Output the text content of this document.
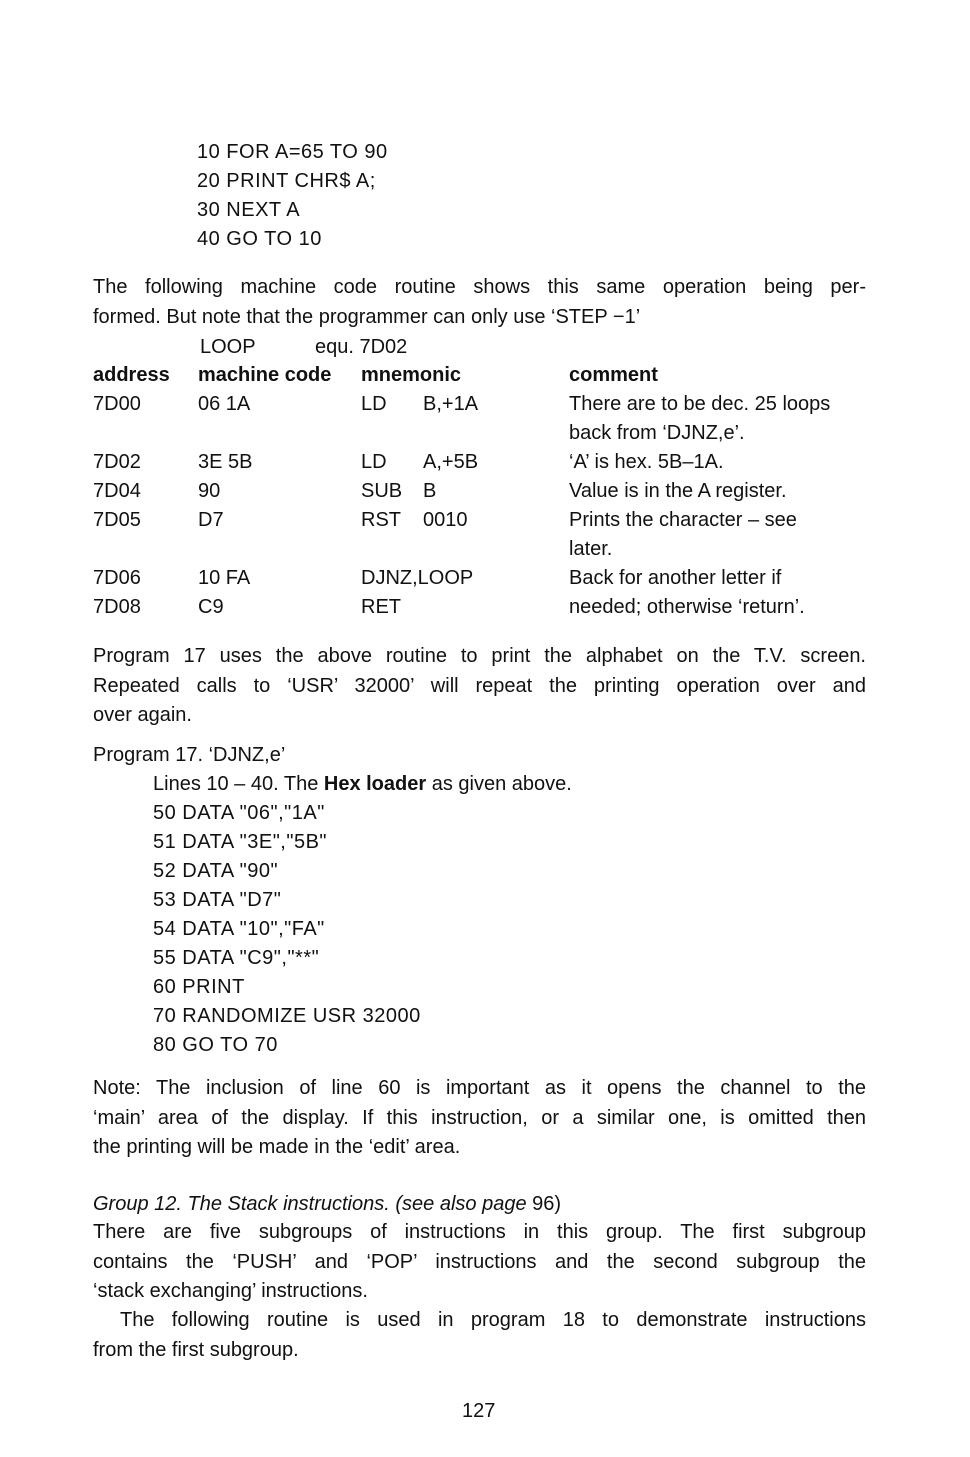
10 FOR A=65 TO 90
20 PRINT CHR$ A;
30 NEXT A
40 GO TO 10
The following machine code routine shows this same operation being per-
formed. But note that the programmer can only use ‘STEP −1’
LOOP	equ. 7D02
address machine code mnemonic	comment
7D00	06 1A	LD B,+1A	There are to be dec. 25 loops
back from ‘DJNZ,e’.
7D02	3E 5B	LD A,+5B	‘A’ is hex. 5B–1A.
7D04	90	SUB B	Value is in the A register.
7D05	D7	RST 0010	Prints the character – see
later.
7D06	10 FA	DJNZ,LOOP	Back for another letter if
7D08	C9	RET	needed; otherwise ‘return’.
Program 17 uses the above routine to print the alphabet on the T.V. screen.
Repeated calls to ‘USR’ 32000’ will repeat the printing operation over and
over again.
Program 17. ‘DJNZ,e’
Lines 10 – 40. The Hex loader as given above.
50 DATA "06","1A"
51 DATA "3E","5B"
52 DATA "90"
53 DATA "D7"
54 DATA "10","FA"
55 DATA "C9","**"
60 PRINT
70 RANDOMIZE USR 32000
80 GO TO 70
Note: The inclusion of line 60 is important as it opens the channel to the
‘main’ area of the display. If this instruction, or a similar one, is omitted then
the printing will be made in the ‘edit’ area.
Group 12. The Stack instructions. (see also page 96)
There are five subgroups of instructions in this group. The first subgroup
contains the ‘PUSH’ and ‘POP’ instructions and the second subgroup the
‘stack exchanging’ instructions.
The following routine is used in program 18 to demonstrate instructions
from the first subgroup.
127
